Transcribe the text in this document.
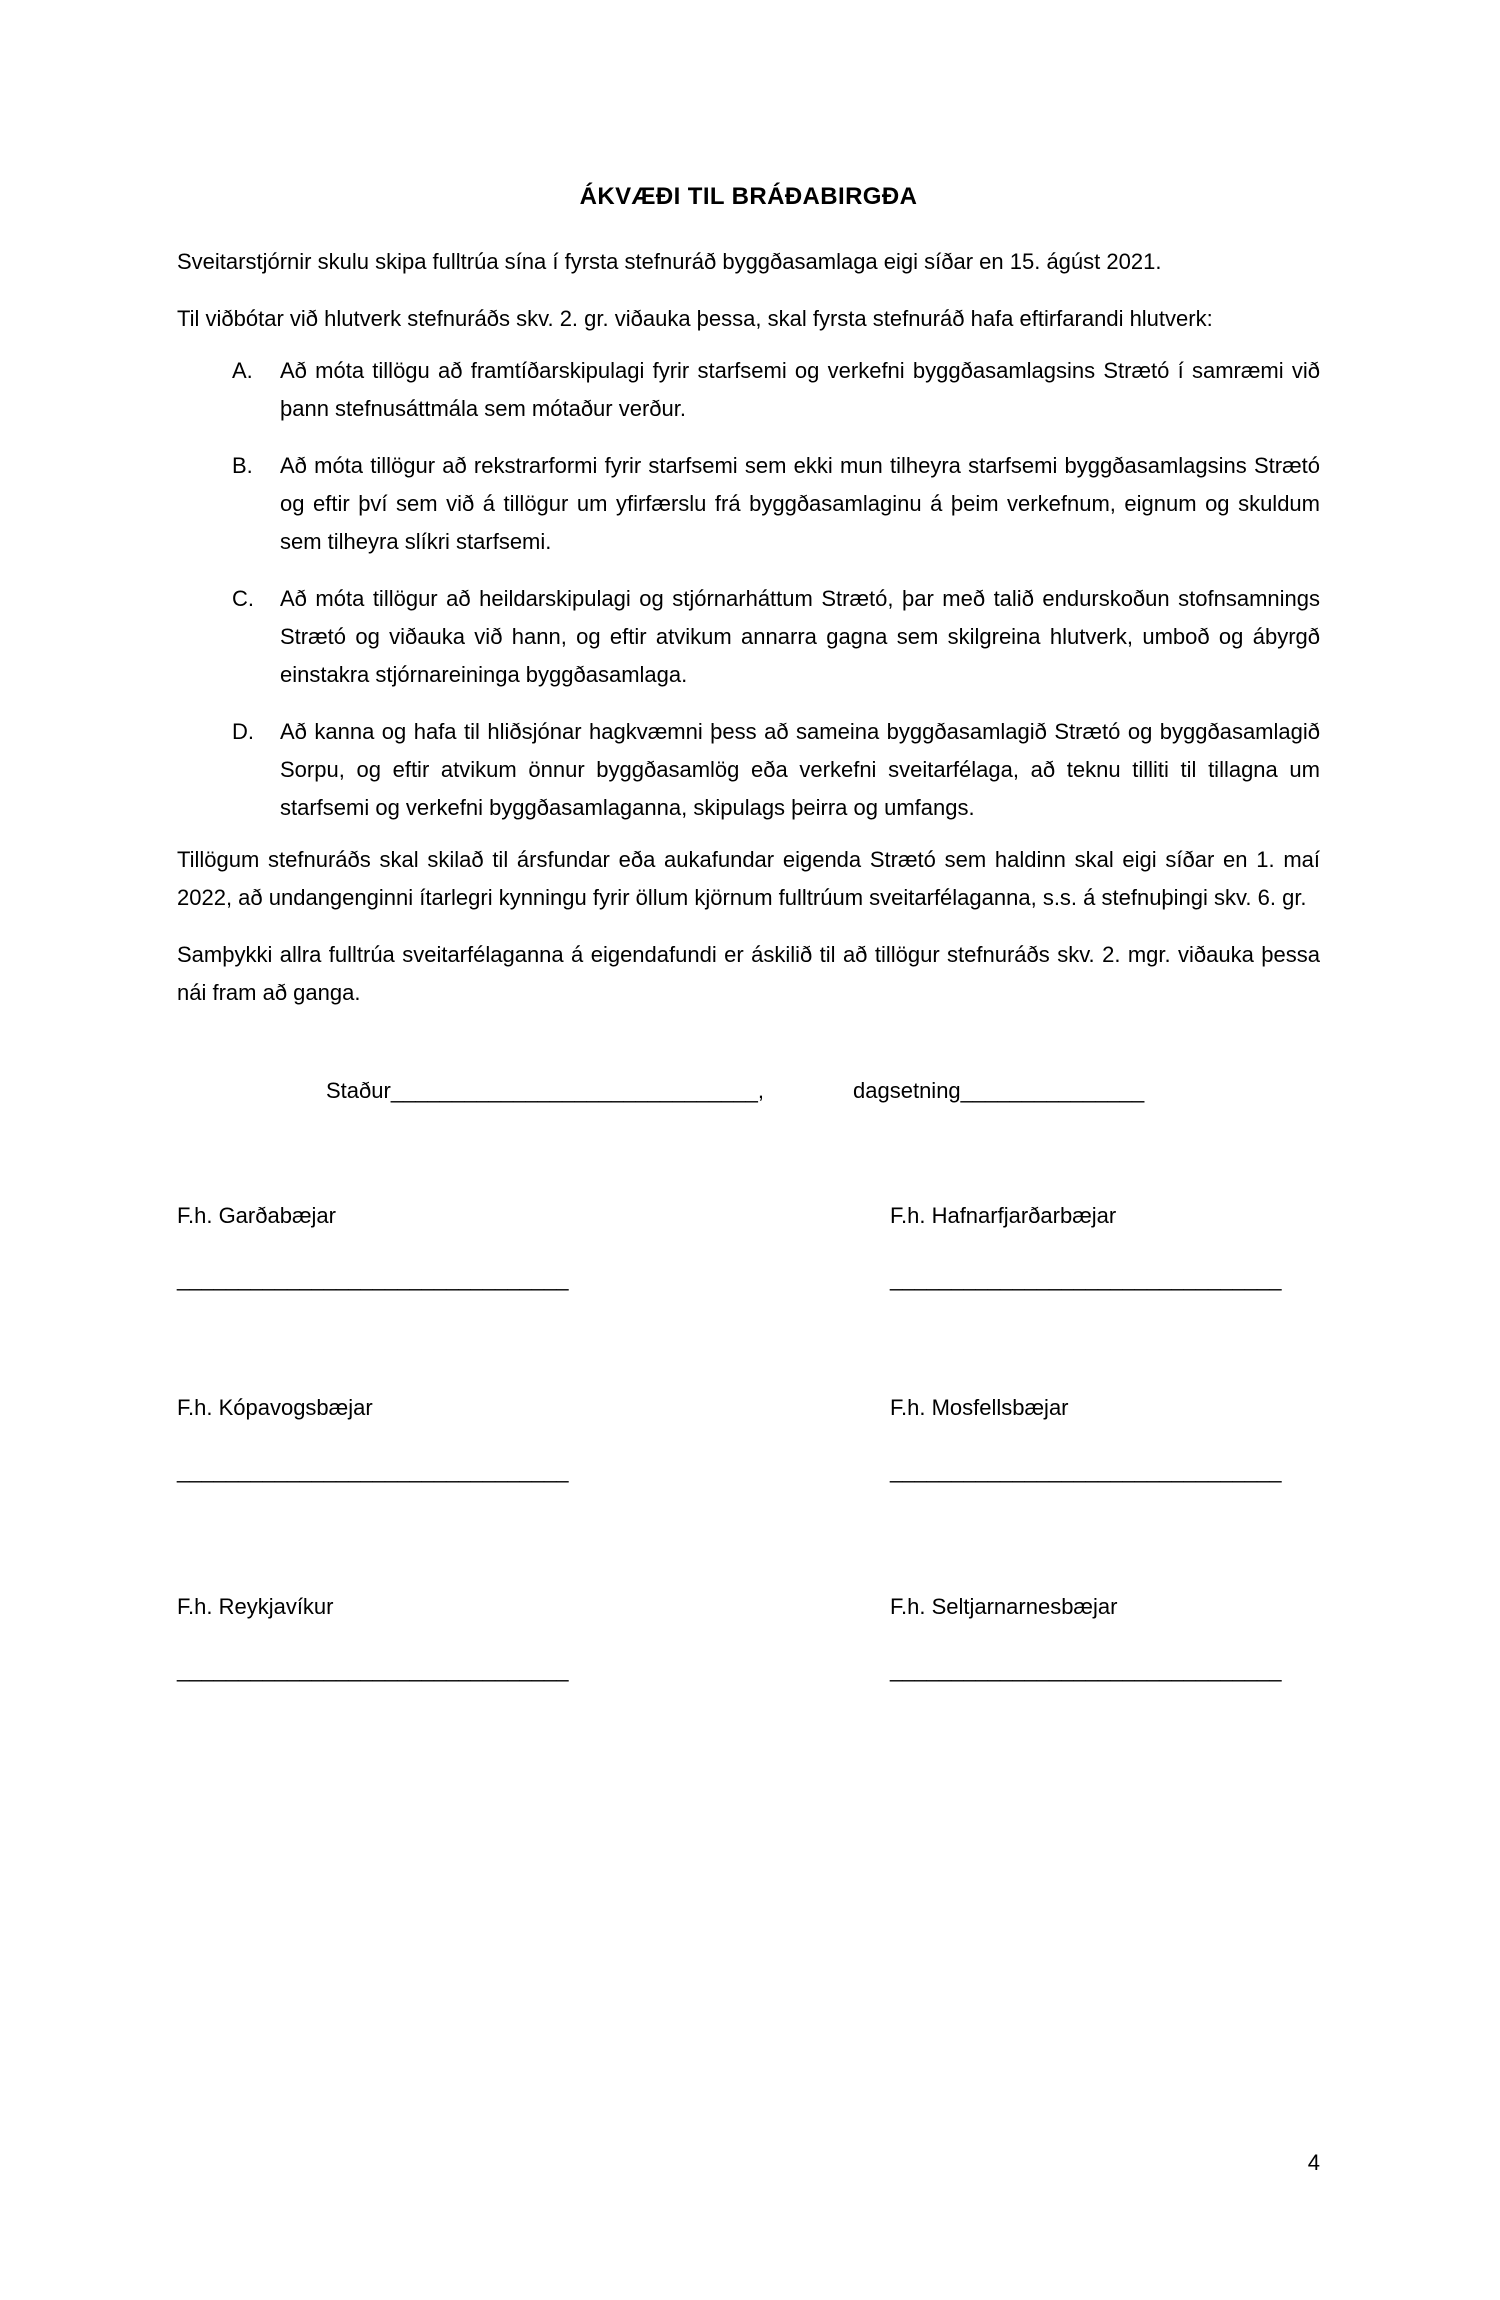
ÁKVÆÐI TIL BRÁÐABIRGÐA

Sveitarstjórnir skulu skipa fulltrúa sína í fyrsta stefnuráð byggðasamlaga eigi síðar en 15. ágúst 2021.

Til viðbótar við hlutverk stefnuráðs skv. 2. gr. viðauka þessa, skal fyrsta stefnuráð hafa eftirfarandi hlutverk:

A. Að móta tillögu að framtíðarskipulagi fyrir starfsemi og verkefni byggðasamlagsins Strætó í samræmi við þann stefnusáttmála sem mótaður verður.
B. Að móta tillögur að rekstrarformi fyrir starfsemi sem ekki mun tilheyra starfsemi byggðasamlagsins Strætó og eftir því sem við á tillögur um yfirfærslu frá byggðasamlaginu á þeim verkefnum, eignum og skuldum sem tilheyra slíkri starfsemi.
C. Að móta tillögur að heildarskipulagi og stjórnarháttum Strætó, þar með talið endurskoðun stofnsamnings Strætó og viðauka við hann, og eftir atvikum annarra gagna sem skilgreina hlutverk, umboð og ábyrgð einstakra stjórnareininga byggðasamlaga.
D. Að kanna og hafa til hliðsjónar hagkvæmni þess að sameina byggðasamlagið Strætó og byggðasamlagið Sorpu, og eftir atvikum önnur byggðasamlög eða verkefni sveitarfélaga, að teknu tilliti til tillagna um starfsemi og verkefni byggðasamlaganna, skipulags þeirra og umfangs.

Tillögum stefnuráðs skal skilað til ársfundar eða aukafundar eigenda Strætó sem haldinn skal eigi síðar en 1. maí 2022, að undangenginni ítarlegri kynningu fyrir öllum kjörnum fulltrúum sveitarfélaganna, s.s. á stefnuþingi skv. 6. gr.

Samþykki allra fulltrúa sveitarfélaganna á eigendafundi er áskilið til að tillögur stefnuráðs skv. 2. mgr. viðauka þessa nái fram að ganga.

Staður______________________________,	dagsetning_______________
F.h. Garðabæjar
________________________________
F.h. Hafnarfjarðarbæjar
________________________________
F.h. Kópavogsbæjar
________________________________
F.h. Mosfellsbæjar
________________________________
F.h. Reykjavíkur
________________________________
F.h. Seltjarnarnesbæjar
________________________________
4
